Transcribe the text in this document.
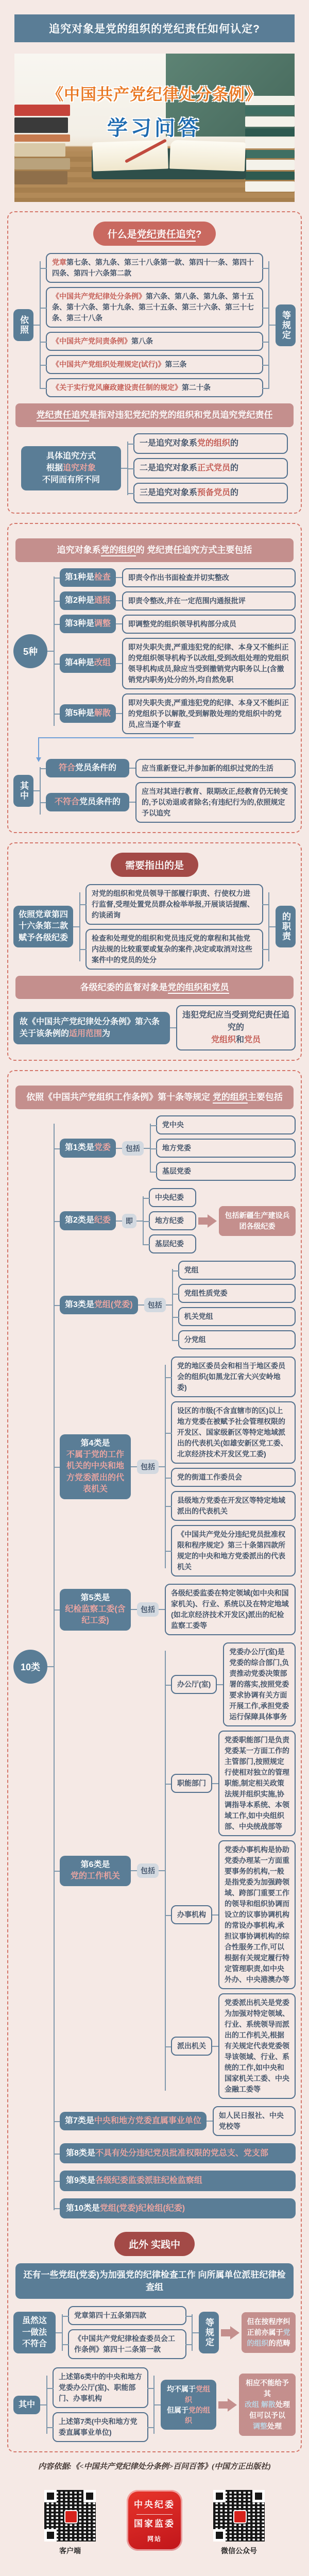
追究对象是党的组织的党纪责任如何认定?
《中国共产党纪律处分条例》
学习问答
什么是党纪责任追究?
依照
党章第七条、第九条、第三十八条第一款、第四十一条、第四十四条、第四十六条第二款
《中国共产党纪律处分条例》第六条、第八条、第九条、第十五条、第十六条、第十九条、第三十五条、第三十六条、第三十七条、第三十八条
《中国共产党问责条例》第八条
《中国共产党组织处理规定(试行)》第三条
《关于实行党风廉政建设责任制的规定》第二十条
等规定
党纪责任追究是指对违犯党纪的党的组织和党员追究党纪责任
具体追究方式
根据追究对象
不同而有所不同
一是追究对象系党的组织的
二是追究对象系正式党员的
三是追究对象系预备党员的
追究对象系党的组织的 党纪责任追究方式主要包括
5种
第1种是检查	即责令作出书面检查并切实整改
第2种是通报	即责令整改,并在一定范围内通报批评
第3种是调整	即调整党的组织领导机构部分成员
第4种是改组
即对失职失责,严重违犯党的纪律、本身又不能纠正的党组织领导机构予以改组,受到改组处理的党组织领导机构成员,除应当受到撤销党内职务以上(含撤销党内职务)处分的外,均自然免职
第5种是解散
即对失职失责,严重违犯党的纪律、本身又不能纠正的党组织予以解散,受到解散处理的党组织中的党员,应当逐个审查
其中
符合党员条件的	应当重新登记,并参加新的组织过党的生活
不符合党员条件的
应当对其进行教育、限期改正,经教育仍无转变的,予以劝退或者除名;有违纪行为的,依照规定予以追究
需要指出的是
依照党章第四十六条第二款赋予各级纪委
对党的组织和党员领导干部履行职责、行使权力进行监督,受理处置党员群众检举举报,开展谈话提醒、约谈函询
检查和处理党的组织和党员违反党的章程和其他党内法规的比较重要或复杂的案件,决定或取消对这些案件中的党员的处分
的职责
各级纪委的监督对象是党的组织和党员
故《中国共产党纪律处分条例》第六条关于该条例的适用范围为
违犯党纪应当受到党纪责任追究的
党组织和党员
依照《中国共产党组织工作条例》第十条等规定 党的组织主要包括
10类
第1类是党委	包括
党中央
地方党委
基层党委
第2类是纪委	即
中央纪委
地方纪委
基层纪委
包括新疆生产建设兵团各级纪委
第3类是党组(党委)	包括
党组
党组性质党委
机关党组
分党组
第4类是
不属于党的工作机关的中央和地方党委派出的代表机关
包括
党的地区委员会和相当于地区委员会的组织(如黑龙江省大兴安岭地委)
设区的市级(不含直辖市的区)以上地方党委在被赋予社会管理权限的开发区、国家级新区等特定地域派出的代表机关(如雄安新区党工委、北京经济技术开发区党工委)
党的街道工作委员会
县级地方党委在开发区等特定地域派出的代表机关
《中国共产党处分违纪党员批准权限和程序规定》第三十条第四款所规定的中央和地方党委派出的代表机关
第5类是
纪检监察工委(含纪工委)
包括
各级纪委监委在特定领域(如中央和国家机关)、行业、系统以及在特定地域(如北京经济技术开发区)派出的纪检监察工委等
第6类是
党的工作机关
包括
办公厅(室)
党委办公厅(室)是党委的综合部门,负责推动党委决策部署的落实,按照党委要求协调有关方面开展工作,承担党委运行保障具体事务
职能部门
党委职能部门是负责党委某一方面工作的主管部门,按照规定行使相对独立的管理职能,制定相关政策法规并组织实施,协调指导本系统、本领域工作,如中央组织部、中央统战部等
办事机构
党委办事机构是协助党委办理某一方面重要事务的机构,一般是指党委为加强跨领域、跨部门重要工作的领导和组织协调而设立的议事协调机构的常设办事机构,承担议事协调机构的综合性服务工作,可以根据有关规定履行特定管理职责,如中央外办、中央港澳办等
派出机关
党委派出机关是党委为加强对特定领域、行业、系统领导而派出的工作机关,根据有关规定代表党委领导该领域、行业、系统的工作,如中央和国家机关工委、中央金融工委等
第7类是中央和地方党委直属事业单位
如人民日报社、中央党校等
第8类是不具有处分违纪党员批准权限的党总支、党支部
第9类是各级纪委监委派驻纪检监察组
第10类是党组(党委)纪检组(纪委)
此外 实践中
还有一些党组(党委)为加强党的纪律检查工作 向所属单位派驻纪律检查组
虽然这一做法不符合
党章第四十五条第四款
《中国共产党纪律检查委员会工作条例》第四十二条第一款
等规定	但在按程序纠正前亦属于党的组织的范畴
其中
上述第6类中的中央和地方党委办公厅(室)、职能部门、办事机构
上述第7类(中央和地方党委直属事业单位)
均不属于党组织
但属于党的组织
相应不能给予其
改组 解散处理
但可以予以
调整处理
内容依据:《<中国共产党纪律处分条例>百问百答》(中国方正出版社)
客户端
中央纪委
国家监委
网站
微信公众号
